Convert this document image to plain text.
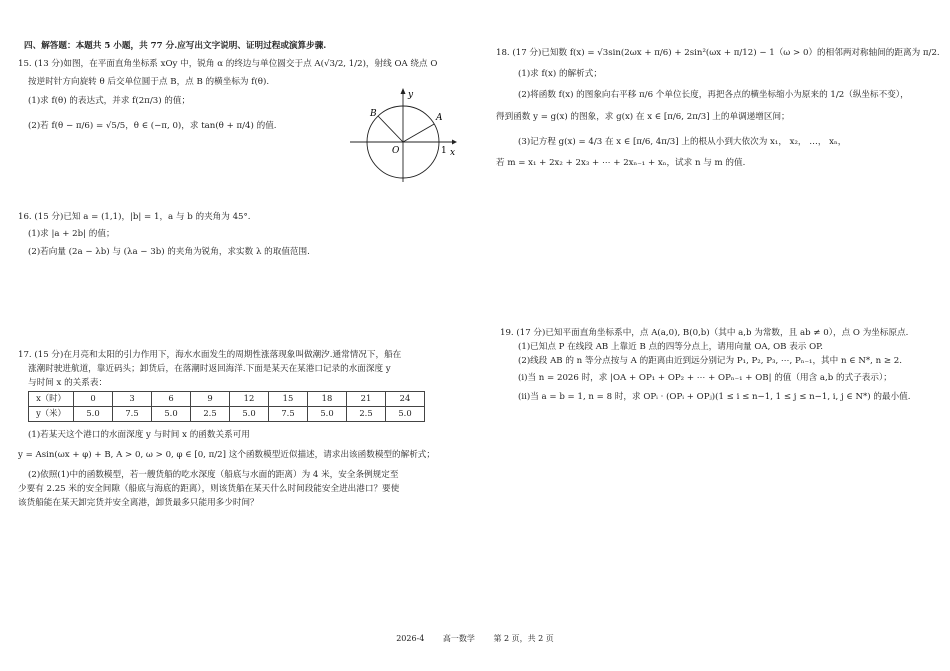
四、解答题：本题共 5 小题，共 77 分.应写出文字说明、证明过程或演算步骤.
15. (13 分)如图，在平面直角坐标系 xOy 中，锐角 α 的终边与单位圆交于点 A(√3/2, 1/2)，射线 OA 绕点 O
按逆时针方向旋转 θ 后交单位圆于点 B，点 B 的横坐标为 f(θ).
(1)求 f(θ) 的表达式，并求 f(2π/3) 的值；
(2)若 f(θ − π/6) = √5/5，θ ∈ (−π, 0)，求 tan(θ + π/4) 的值.
y
x
O	1
A
B
16. (15 分)已知 a = (1,1)，|b| = 1，a 与 b 的夹角为 45°.
(1)求 |a + 2b| 的值；
(2)若向量 (2a − λb) 与 (λa − 3b) 的夹角为锐角，求实数 λ 的取值范围.
17. (15 分)在月亮和太阳的引力作用下，海水水面发生的周期性涨落现象叫做潮汐.通常情况下，船在
涨潮时驶进航道，靠近码头；卸货后，在落潮时返回海洋.下面是某天在某港口记录的水面深度 y
与时间 x 的关系表：
x（时）	0	3	6	9	12	15	18	21	24
y（米）	5.0	7.5	5.0	2.5	5.0	7.5	5.0	2.5	5.0
(1)若某天这个港口的水面深度 y 与时间 x 的函数关系可用
y = Asin(ωx + φ) + B, A > 0, ω > 0, φ ∈ [0, π/2] 这个函数模型近似描述，请求出该函数模型的解析式；
(2)依照(1)中的函数模型，若一艘货船的吃水深度（船底与水面的距离）为 4 米，安全条例规定至
少要有 2.25 米的安全间隙（船底与海底的距离），则该货船在某天什么时间段能安全进出港口？要使
该货船能在某天卸完货并安全离港，卸货最多只能用多少时间？
18. (17 分)已知数 f(x) = √3sin(2ωx + π/6) + 2sin²(ωx + π/12) − 1（ω > 0）的相邻两对称轴间的距离为 π/2.
(1)求 f(x) 的解析式；
(2)将函数 f(x) 的图象向右平移 π/6 个单位长度，再把各点的横坐标缩小为原来的 1/2（纵坐标不变），
得到函数 y = g(x) 的图象，求 g(x) 在 x ∈ [π/6, 2π/3] 上的单调递增区间；
(3)记方程 g(x) = 4/3 在 x ∈ [π/6, 4π/3] 上的根从小到大依次为 x₁， x₂， …， xₙ，
若 m = x₁ + 2x₂ + 2x₃ + ⋯ + 2xₙ₋₁ + xₙ，试求 n 与 m 的值.
19. (17 分)已知平面直角坐标系中，点 A(a,0), B(0,b)（其中 a,b 为常数，且 ab ≠ 0），点 O 为坐标原点.
(1)已知点 P 在线段 AB 上靠近 B 点的四等分点上，请用向量 OA, OB 表示 OP.
(2)线段 AB 的 n 等分点按与 A 的距离由近到远分别记为 P₁, P₂, P₃, ⋯, Pₙ₋₁，其中 n ∈ N*, n ≥ 2.
(i)当 n = 2026 时，求 |OA + OP₁ + OP₂ + ⋯ + OPₙ₋₁ + OB| 的值（用含 a,b 的式子表示）；
(ii)当 a = b = 1, n = 8 时，求 OPᵢ · (OPᵢ + OPⱼ)(1 ≤ i ≤ n−1, 1 ≤ j ≤ n−1, i, j ∈ N*) 的最小值.
2026-4 高一数学 第 2 页，共 2 页
